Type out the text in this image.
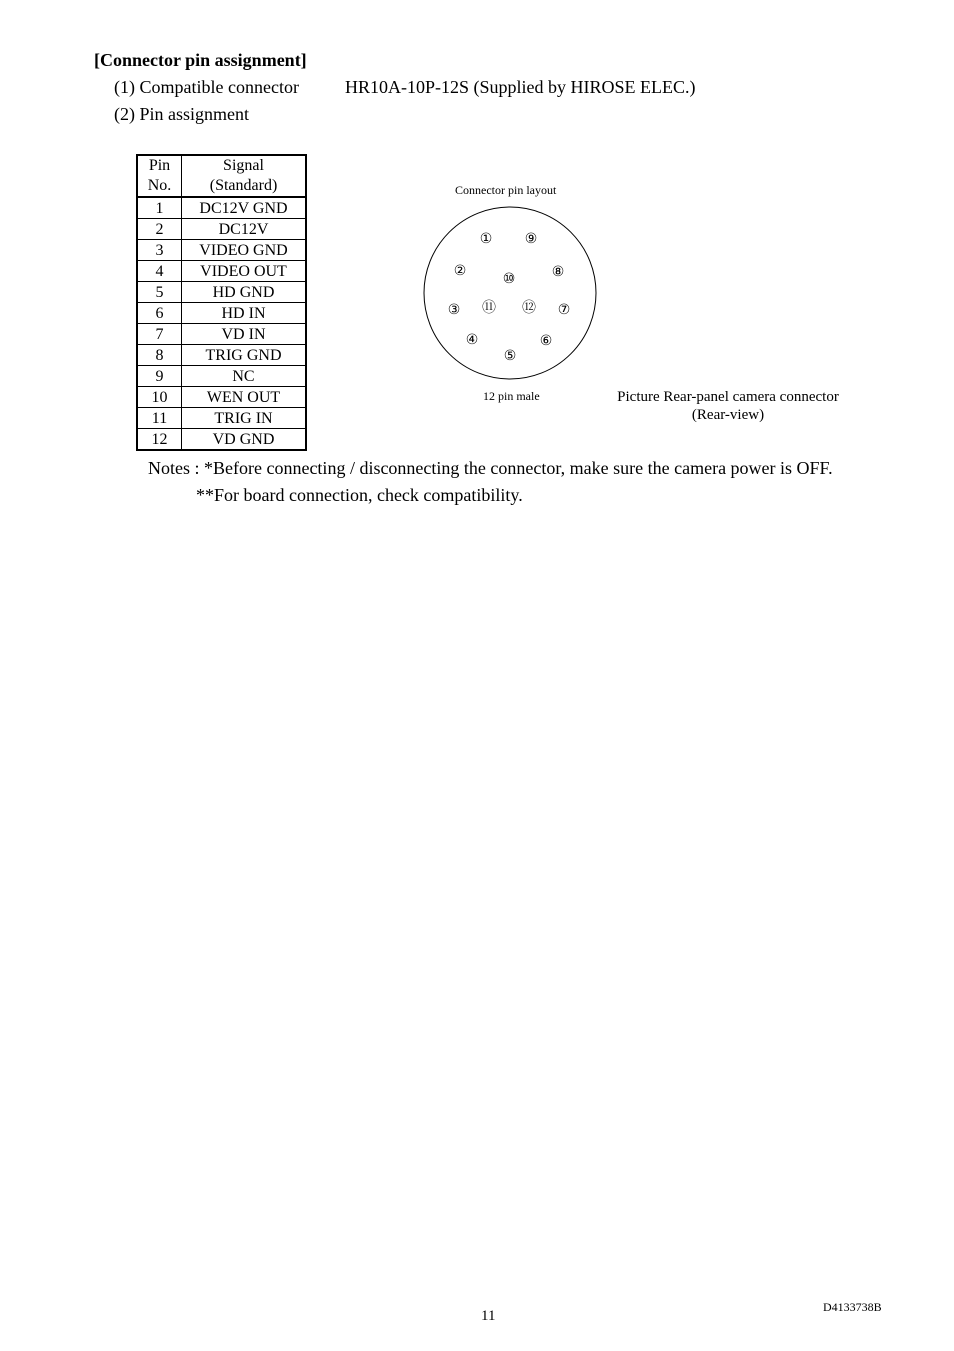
[Connector pin assignment]
(1) Compatible connector	HR10A-10P-12S (Supplied by HIROSE ELEC.)
(2) Pin assignment
Pin	Signal
No.	(Standard)
1	DC12V GND
2	DC12V
3	VIDEO GND
4	VIDEO OUT
5	HD GND
6	HD IN
7	VD IN
8	TRIG GND
9	NC
10	WEN OUT
11	TRIG IN
12	VD GND
Connector pin layout
①
②
③
④
⑤
⑥
⑦
⑧
⑨
⑩
⑪ ⑫
12 pin male	Picture Rear-panel camera connector
(Rear-view)
Notes : *Before connecting / disconnecting the connector, make sure the camera power is OFF.
**For board connection, check compatibility.
D4133738B
11
